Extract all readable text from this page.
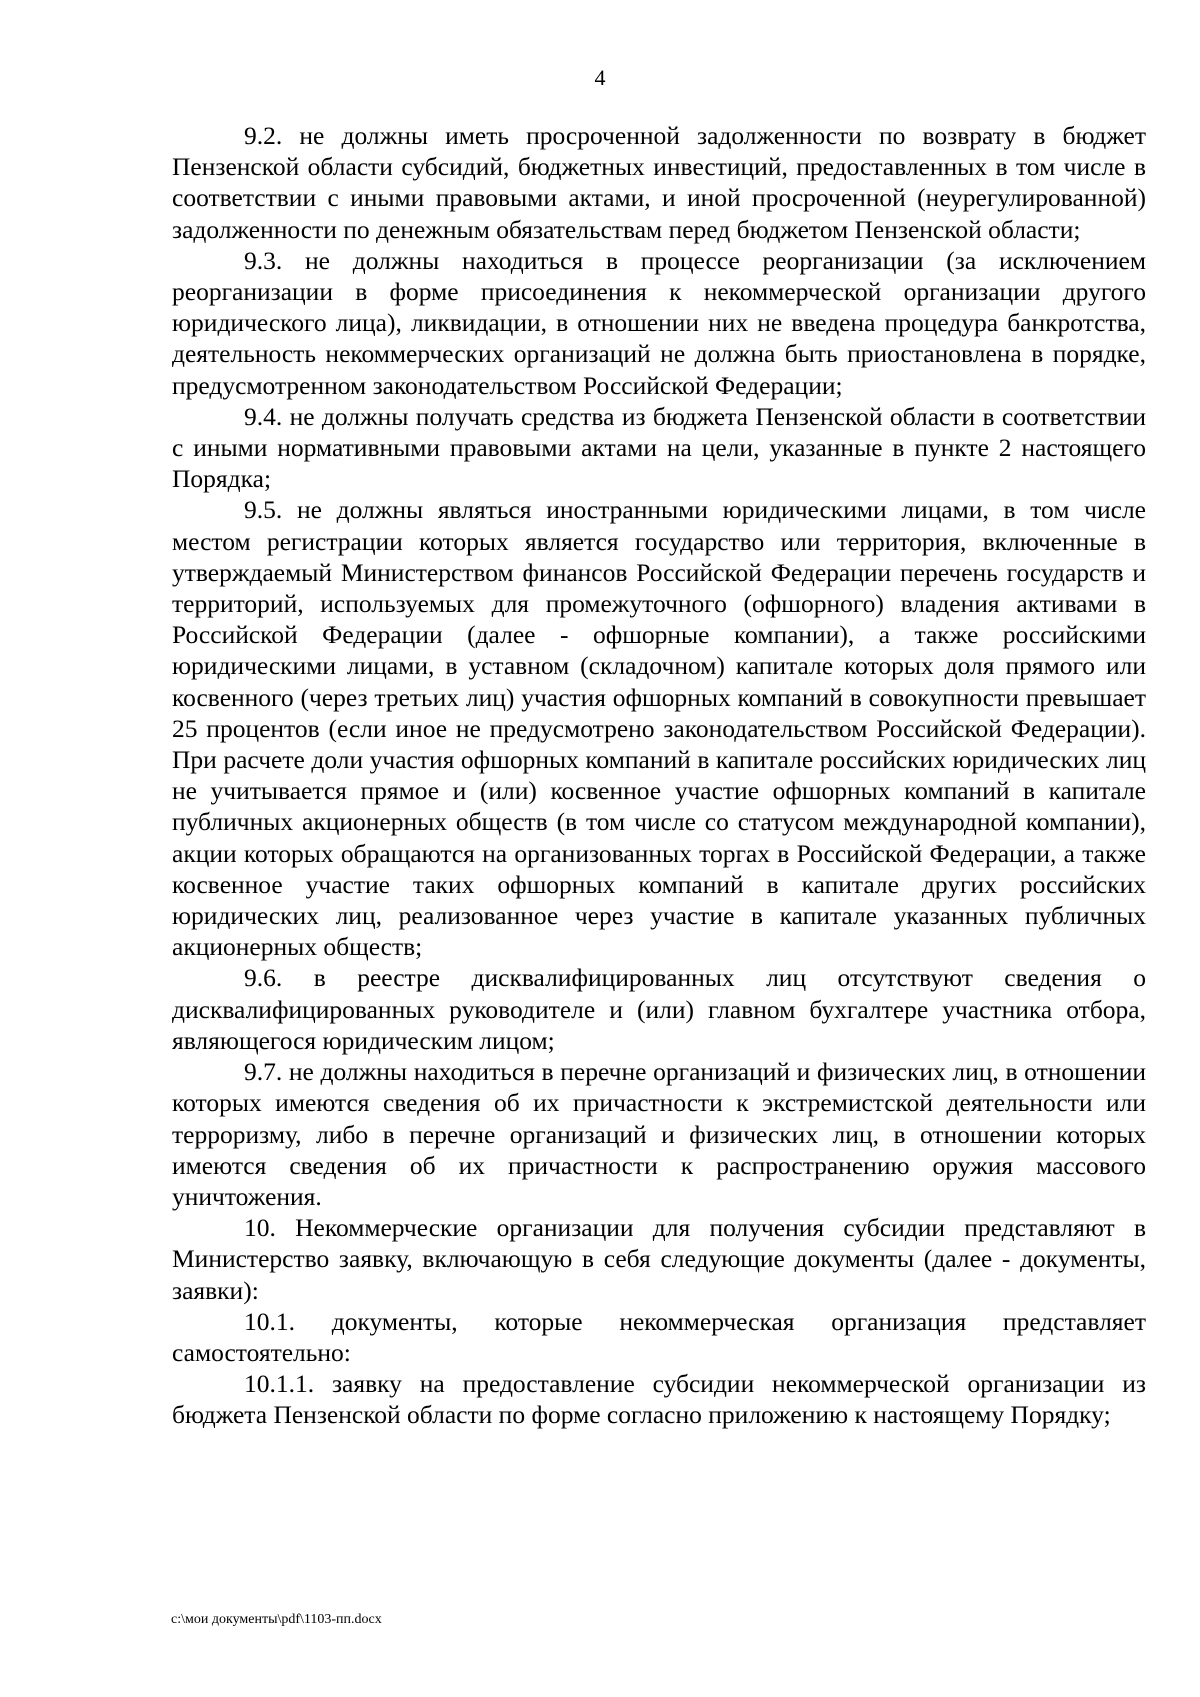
4

9.2. не должны иметь просроченной задолженности по возврату в бюджет Пензенской области субсидий, бюджетных инвестиций, предоставленных в том числе в соответствии с иными правовыми актами, и иной просроченной (неурегулированной) задолженности по денежным обязательствам перед бюджетом Пензенской области;

9.3. не должны находиться в процессе реорганизации (за исключением реорганизации в форме присоединения к некоммерческой организации другого юридического лица), ликвидации, в отношении них не введена процедура банкротства, деятельность некоммерческих организаций не должна быть приостановлена в порядке, предусмотренном законодательством Российской Федерации;

9.4. не должны получать средства из бюджета Пензенской области в соответствии с иными нормативными правовыми актами на цели, указанные в пункте 2 настоящего Порядка;

9.5. не должны являться иностранными юридическими лицами, в том числе местом регистрации которых является государство или территория, включенные в утверждаемый Министерством финансов Российской Федерации перечень государств и территорий, используемых для промежуточного (офшорного) владения активами в Российской Федерации (далее - офшорные компании), а также российскими юридическими лицами, в уставном (складочном) капитале которых доля прямого или косвенного (через третьих лиц) участия офшорных компаний в совокупности превышает 25 процентов (если иное не предусмотрено законодательством Российской Федерации). При расчете доли участия офшорных компаний в капитале российских юридических лиц не учитывается прямое и (или) косвенное участие офшорных компаний в капитале публичных акционерных обществ (в том числе со статусом международной компании), акции которых обращаются на организованных торгах в Российской Федерации, а также косвенное участие таких офшорных компаний в капитале других российских юридических лиц, реализованное через участие в капитале указанных публичных акционерных обществ;

9.6. в реестре дисквалифицированных лиц отсутствуют сведения о дисквалифицированных руководителе и (или) главном бухгалтере участника отбора, являющегося юридическим лицом;

9.7. не должны находиться в перечне организаций и физических лиц, в отношении которых имеются сведения об их причастности к экстремистской деятельности или терроризму, либо в перечне организаций и физических лиц, в отношении которых имеются сведения об их причастности к распространению оружия массового уничтожения.

10. Некоммерческие организации для получения субсидии представляют в Министерство заявку, включающую в себя следующие документы (далее - документы, заявки):

10.1. документы, которые некоммерческая организация представляет самостоятельно:

10.1.1. заявку на предоставление субсидии некоммерческой организации из бюджета Пензенской области по форме согласно приложению к настоящему Порядку;

c:\мои документы\pdf\1103-пп.docx
